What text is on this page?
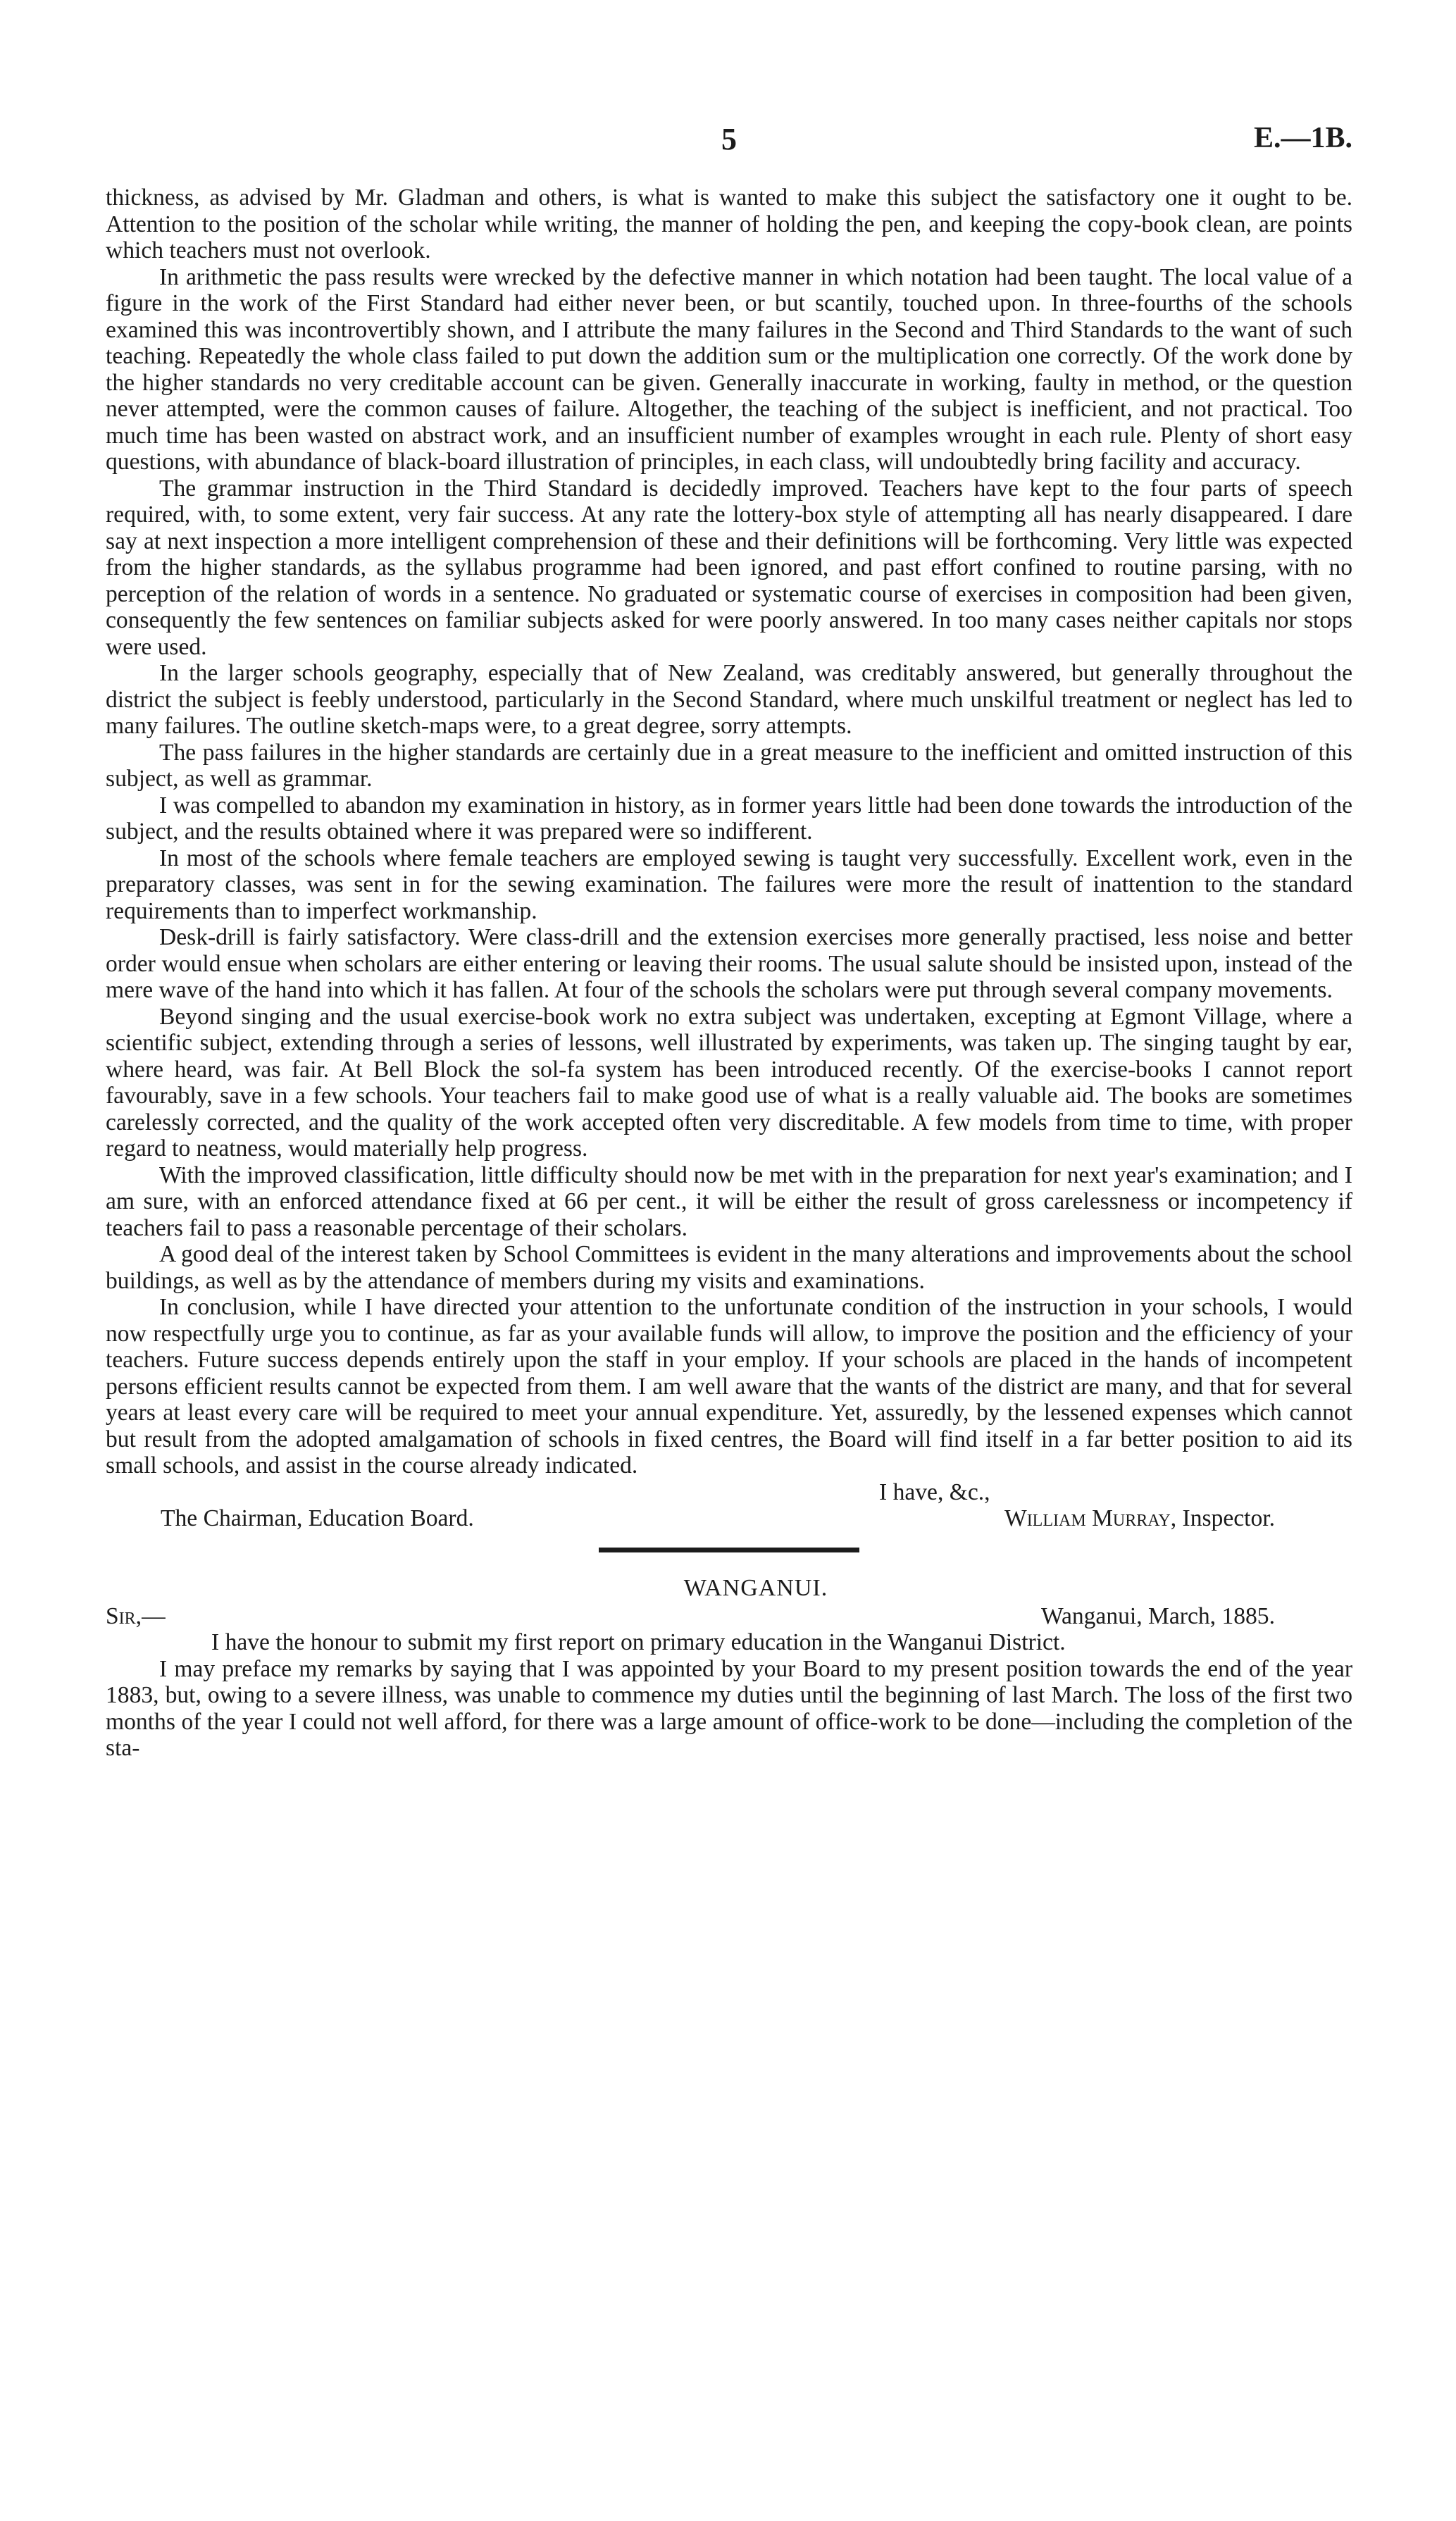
5	E.—1B.

thickness, as advised by Mr. Gladman and others, is what is wanted to make this subject the satisfactory one it ought to be. Attention to the position of the scholar while writing, the manner of holding the pen, and keeping the copy-book clean, are points which teachers must not overlook.

In arithmetic the pass results were wrecked by the defective manner in which notation had been taught. The local value of a figure in the work of the First Standard had either never been, or but scantily, touched upon. In three-fourths of the schools examined this was incontrovertibly shown, and I attribute the many failures in the Second and Third Standards to the want of such teaching. Repeatedly the whole class failed to put down the addition sum or the multiplication one correctly. Of the work done by the higher standards no very creditable account can be given. Generally inaccurate in working, faulty in method, or the question never attempted, were the common causes of failure. Altogether, the teaching of the subject is inefficient, and not practical. Too much time has been wasted on abstract work, and an insufficient number of examples wrought in each rule. Plenty of short easy questions, with abundance of black-board illustration of principles, in each class, will undoubtedly bring facility and accuracy.

The grammar instruction in the Third Standard is decidedly improved. Teachers have kept to the four parts of speech required, with, to some extent, very fair success. At any rate the lottery-box style of attempting all has nearly disappeared. I dare say at next inspection a more intelligent comprehension of these and their definitions will be forthcoming. Very little was expected from the higher standards, as the syllabus programme had been ignored, and past effort confined to routine parsing, with no perception of the relation of words in a sentence. No graduated or systematic course of exercises in composition had been given, consequently the few sentences on familiar subjects asked for were poorly answered. In too many cases neither capitals nor stops were used.

In the larger schools geography, especially that of New Zealand, was creditably answered, but generally throughout the district the subject is feebly understood, particularly in the Second Standard, where much unskilful treatment or neglect has led to many failures. The outline sketch-maps were, to a great degree, sorry attempts.

The pass failures in the higher standards are certainly due in a great measure to the inefficient and omitted instruction of this subject, as well as grammar.

I was compelled to abandon my examination in history, as in former years little had been done towards the introduction of the subject, and the results obtained where it was prepared were so indifferent.

In most of the schools where female teachers are employed sewing is taught very successfully. Excellent work, even in the preparatory classes, was sent in for the sewing examination. The failures were more the result of inattention to the standard requirements than to imperfect workmanship.

Desk-drill is fairly satisfactory. Were class-drill and the extension exercises more generally practised, less noise and better order would ensue when scholars are either entering or leaving their rooms. The usual salute should be insisted upon, instead of the mere wave of the hand into which it has fallen. At four of the schools the scholars were put through several company movements.

Beyond singing and the usual exercise-book work no extra subject was undertaken, excepting at Egmont Village, where a scientific subject, extending through a series of lessons, well illustrated by experiments, was taken up. The singing taught by ear, where heard, was fair. At Bell Block the sol-fa system has been introduced recently. Of the exercise-books I cannot report favourably, save in a few schools. Your teachers fail to make good use of what is a really valuable aid. The books are sometimes carelessly corrected, and the quality of the work accepted often very discreditable. A few models from time to time, with proper regard to neatness, would materially help progress.

With the improved classification, little difficulty should now be met with in the preparation for next year's examination; and I am sure, with an enforced attendance fixed at 66 per cent., it will be either the result of gross carelessness or incompetency if teachers fail to pass a reasonable percentage of their scholars.

A good deal of the interest taken by School Committees is evident in the many alterations and improvements about the school buildings, as well as by the attendance of members during my visits and examinations.

In conclusion, while I have directed your attention to the unfortunate condition of the instruction in your schools, I would now respectfully urge you to continue, as far as your available funds will allow, to improve the position and the efficiency of your teachers. Future success depends entirely upon the staff in your employ. If your schools are placed in the hands of incompetent persons efficient results cannot be expected from them. I am well aware that the wants of the district are many, and that for several years at least every care will be required to meet your annual expenditure. Yet, assuredly, by the lessened expenses which cannot but result from the adopted amalgamation of schools in fixed centres, the Board will find itself in a far better position to aid its small schools, and assist in the course already indicated.

I have, &c.,

The Chairman, Education Board.	William Murray, Inspector.

WANGANUI.

Sir,—	Wanganui, March, 1885.

I have the honour to submit my first report on primary education in the Wanganui District.

I may preface my remarks by saying that I was appointed by your Board to my present position towards the end of the year 1883, but, owing to a severe illness, was unable to commence my duties until the beginning of last March. The loss of the first two months of the year I could not well afford, for there was a large amount of office-work to be done—including the completion of the sta-
